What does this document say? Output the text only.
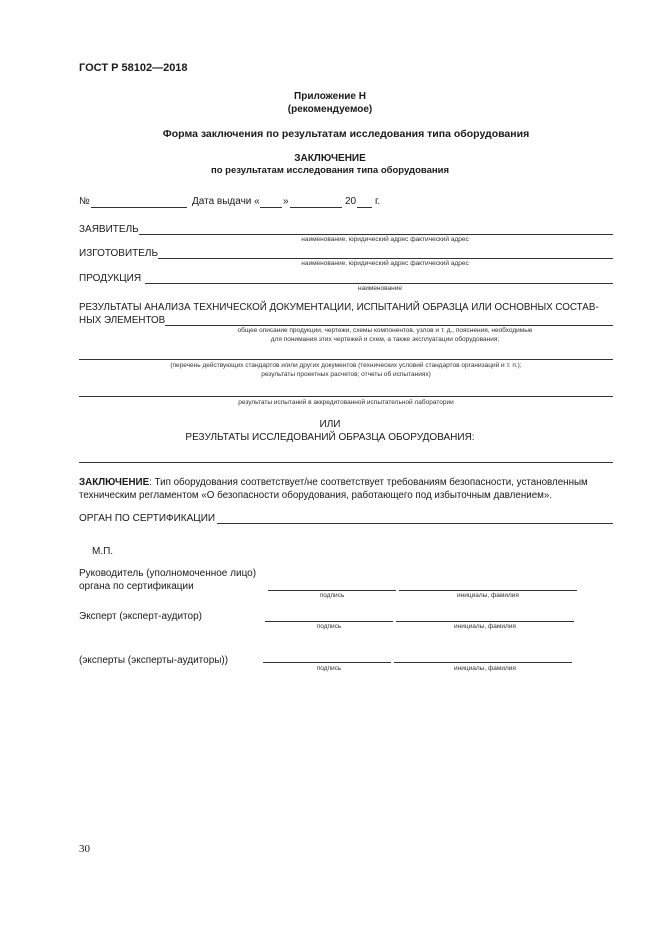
ГОСТ Р 58102—2018
Приложение Н
(рекомендуемое)
Форма заключения по результатам исследования типа оборудования
ЗАКЛЮЧЕНИЕ
по результатам исследования типа оборудования
№	Дата выдачи « »	20 г.
ЗАЯВИТЕЛЬ
наименование, юридический адрес фактический адрес
ИЗГОТОВИТЕЛЬ
наименование, юридический адрес фактический адрес
ПРОДУКЦИЯ
наименование
РЕЗУЛЬТАТЫ АНАЛИЗА ТЕХНИЧЕСКОЙ ДОКУМЕНТАЦИИ, ИСПЫТАНИЙ ОБРАЗЦА ИЛИ ОСНОВНЫХ СОСТАВ-
НЫХ ЭЛЕМЕНТОВ
общее описание продукции, чертежи, схемы компонентов, узлов и т. д., пояснения, необходимые
для понимания этих чертежей и схем, а также эксплуатации оборудования;
(перечень действующих стандартов и/или других документов (технических условий стандартов организаций и т. п.);
результаты проектных расчетов; отчеты об испытаниях)
результаты испытаний в аккредитованной испытательной лаборатории
ИЛИ
РЕЗУЛЬТАТЫ ИССЛЕДОВАНИЙ ОБРАЗЦА ОБОРУДОВАНИЯ:
ЗАКЛЮЧЕНИЕ: Тип оборудования соответствует/не соответствует требованиям безопасности, установленным
техническим регламентом «О безопасности оборудования, работающего под избыточным давлением».
ОРГАН ПО СЕРТИФИКАЦИИ
М.П.
Руководитель (уполномоченное лицо)
органа по сертификации
подпись	инициалы, фамилия
Эксперт (эксперт-аудитор)
подпись	инициалы, фамилия
(эксперты (эксперты-аудиторы))
подпись	инициалы, фамилия
30
